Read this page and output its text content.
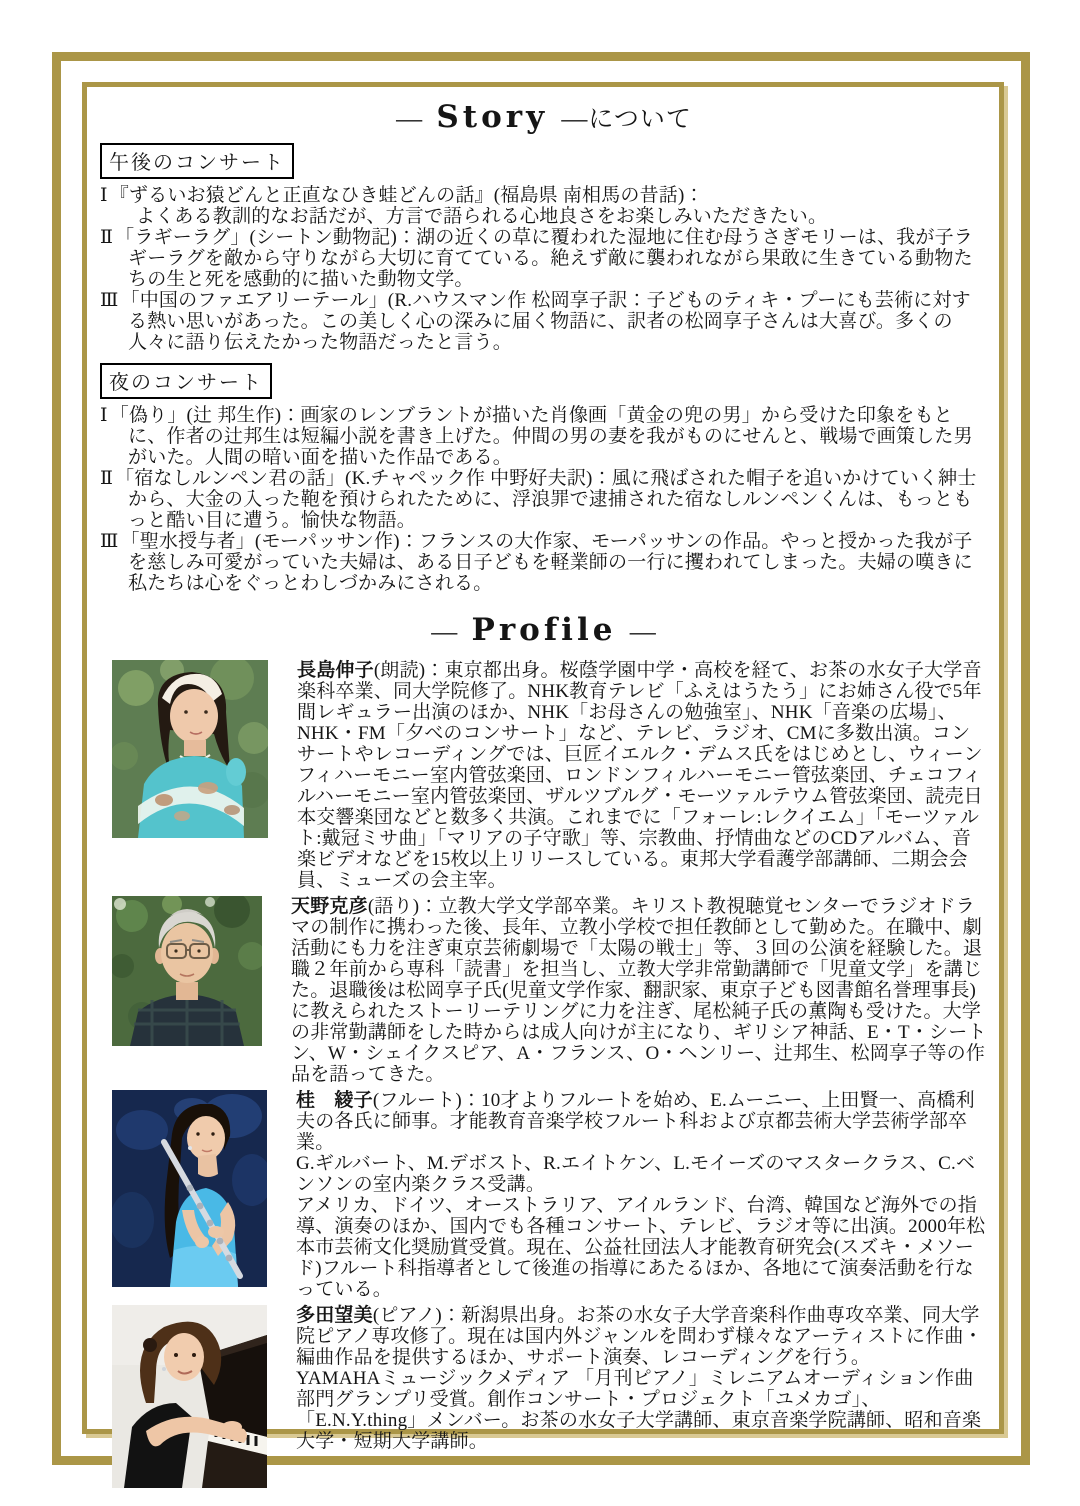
― Story ―について
午後のコンサート
Ⅰ 『ずるいお猿どんと正直なひき蛙どんの話』(福島県 南相馬の昔話)：
よくある教訓的なお話だが、方言で語られる心地良さをお楽しみいただきたい。
Ⅱ 「ラギーラグ」(シートン動物記)：湖の近くの草に覆われた湿地に住む母うさぎモリーは、我が子ラギーラグを敵から守りながら大切に育てている。絶えず敵に襲われながら果敢に生きている動物たちの生と死を感動的に描いた動物文学。
Ⅲ 「中国のファエアリーテール」(R.ハウスマン作 松岡享子訳：子どものティキ・プーにも芸術に対する熱い思いがあった。この美しく心の深みに届く物語に、訳者の松岡享子さんは大喜び。多くの人々に語り伝えたかった物語だったと言う。
夜のコンサート
Ⅰ 「偽り」(辻 邦生作)：画家のレンブラントが描いた肖像画「黄金の兜の男」から受けた印象をもとに、作者の辻邦生は短編小説を書き上げた。仲間の男の妻を我がものにせんと、戦場で画策した男がいた。人間の暗い面を描いた作品である。
Ⅱ 「宿なしルンペン君の話」(K.チャペック作 中野好夫訳)：風に飛ばされた帽子を追いかけていく紳士から、大金の入った鞄を預けられたために、浮浪罪で逮捕された宿なしルンペンくんは、もっともっと酷い目に遭う。愉快な物語。
Ⅲ 「聖水授与者」(モーパッサン作)：フランスの大作家、モーパッサンの作品。やっと授かった我が子を慈しみ可愛がっていた夫婦は、ある日子どもを軽業師の一行に攫われてしまった。夫婦の嘆きに私たちは心をぐっとわしづかみにされる。
― Profile ―

長島伸子(朗読)：東京都出身。桜蔭学園中学・高校を経て、お茶の水女子大学音楽科卒業、同大学院修了。NHK教育テレビ「ふえはうたう」にお姉さん役で5年間レギュラー出演のほか、NHK「お母さんの勉強室」、NHK「音楽の広場」、NHK・FM「夕べのコンサート」など、テレビ、ラジオ、CMに多数出演。コンサートやレコーディングでは、巨匠イエルク・デムス氏をはじめとし、ウィーンフィハーモニー室内管弦楽団、ロンドンフィルハーモニー管弦楽団、チェコフィルハーモニー室内管弦楽団、ザルツブルグ・モーツァルテウム管弦楽団、読売日本交響楽団などと数多く共演。これまでに「フォーレ:レクイエム」「モーツァルト:戴冠ミサ曲」「マリアの子守歌」等、宗教曲、抒情曲などのCDアルバム、音楽ビデオなどを15枚以上リリースしている。東邦大学看護学部講師、二期会会員、ミューズの会主宰。

天野克彦(語り)：立教大学文学部卒業。キリスト教視聴覚センターでラジオドラマの制作に携わった後、長年、立教小学校で担任教師として勤めた。在職中、劇活動にも力を注ぎ東京芸術劇場で「太陽の戦士」等、３回の公演を経験した。退職２年前から専科「読書」を担当し、立教大学非常勤講師で「児童文学」を講じた。退職後は松岡享子氏(児童文学作家、翻訳家、東京子ども図書館名誉理事長)に教えられたストーリーテリングに力を注ぎ、尾松純子氏の薫陶も受けた。大学の非常勤講師をした時からは成人向けが主になり、ギリシア神話、E・T・シートン、W・シェイクスピア、A・フランス、O・ヘンリー、辻邦生、松岡享子等の作品を語ってきた。

桂　綾子(フルート)：10才よりフルートを始め、E.ムーニー、上田賢一、高橋利夫の各氏に師事。才能教育音楽学校フルート科および京都芸術大学芸術学部卒業。

G.ギルバート、M.デボスト、R.エイトケン、L.モイーズのマスタークラス、C.ベンソンの室内楽クラス受講。

アメリカ、ドイツ、オーストラリア、アイルランド、台湾、韓国など海外での指導、演奏のほか、国内でも各種コンサート、テレビ、ラジオ等に出演。2000年松本市芸術文化奨励賞受賞。現在、公益社団法人才能教育研究会(スズキ・メソード)フルート科指導者として後進の指導にあたるほか、各地にて演奏活動を行なっている。

多田望美(ピアノ)：新潟県出身。お茶の水女子大学音楽科作曲専攻卒業、同大学院ピアノ専攻修了。現在は国内外ジャンルを問わず様々なアーティストに作曲・編曲作品を提供するほか、サポート演奏、レコーディングを行う。

YAMAHAミュージックメディア 「月刊ピアノ」ミレニアムオーディション作曲部門グランプリ受賞。創作コンサート・プロジェクト「ユメカゴ」、「E.N.Y.thing」メンバー。お茶の水女子大学講師、東京音楽学院講師、昭和音楽大学・短期大学講師。
